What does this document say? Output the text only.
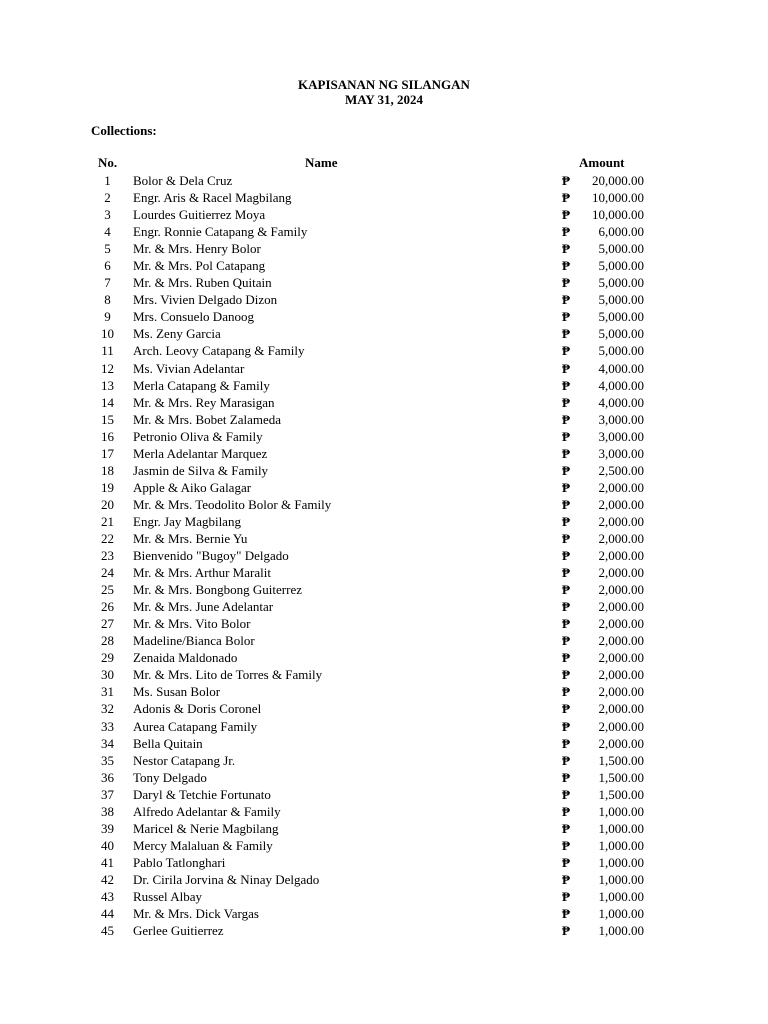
KAPISANAN NG SILANGAN
MAY 31, 2024
Collections:
No.	Name	Amount
1	Bolor & Dela Cruz	₱	20,000.00
2	Engr. Aris & Racel Magbilang	₱	10,000.00
3	Lourdes Guitierrez Moya	₱	10,000.00
4	Engr. Ronnie Catapang & Family	₱	6,000.00
5	Mr. & Mrs. Henry Bolor	₱	5,000.00
6	Mr. & Mrs. Pol Catapang	₱	5,000.00
7	Mr. & Mrs. Ruben Quitain	₱	5,000.00
8	Mrs. Vivien Delgado Dizon	₱	5,000.00
9	Mrs. Consuelo Danoog	₱	5,000.00
10	Ms. Zeny Garcia	₱	5,000.00
11	Arch. Leovy Catapang & Family	₱	5,000.00
12	Ms. Vivian Adelantar	₱	4,000.00
13	Merla Catapang & Family	₱	4,000.00
14	Mr. & Mrs. Rey Marasigan	₱	4,000.00
15	Mr. & Mrs. Bobet Zalameda	₱	3,000.00
16	Petronio Oliva & Family	₱	3,000.00
17	Merla Adelantar Marquez	₱	3,000.00
18	Jasmin de Silva & Family	₱	2,500.00
19	Apple & Aiko Galagar	₱	2,000.00
20	Mr. & Mrs. Teodolito Bolor & Family	₱	2,000.00
21	Engr. Jay Magbilang	₱	2,000.00
22	Mr. & Mrs. Bernie Yu	₱	2,000.00
23	Bienvenido "Bugoy" Delgado	₱	2,000.00
24	Mr. & Mrs. Arthur Maralit	₱	2,000.00
25	Mr. & Mrs. Bongbong Guiterrez	₱	2,000.00
26	Mr. & Mrs. June Adelantar	₱	2,000.00
27	Mr. & Mrs. Vito Bolor	₱	2,000.00
28	Madeline/Bianca Bolor	₱	2,000.00
29	Zenaida Maldonado	₱	2,000.00
30	Mr. & Mrs. Lito de Torres & Family	₱	2,000.00
31	Ms. Susan Bolor	₱	2,000.00
32	Adonis & Doris Coronel	₱	2,000.00
33	Aurea Catapang Family	₱	2,000.00
34	Bella Quitain	₱	2,000.00
35	Nestor Catapang Jr.	₱	1,500.00
36	Tony Delgado	₱	1,500.00
37	Daryl & Tetchie Fortunato	₱	1,500.00
38	Alfredo Adelantar & Family	₱	1,000.00
39	Maricel & Nerie Magbilang	₱	1,000.00
40	Mercy Malaluan & Family	₱	1,000.00
41	Pablo Tatlonghari	₱	1,000.00
42	Dr. Cirila Jorvina & Ninay Delgado	₱	1,000.00
43	Russel Albay	₱	1,000.00
44	Mr. & Mrs. Dick Vargas	₱	1,000.00
45	Gerlee Guitierrez	₱	1,000.00
